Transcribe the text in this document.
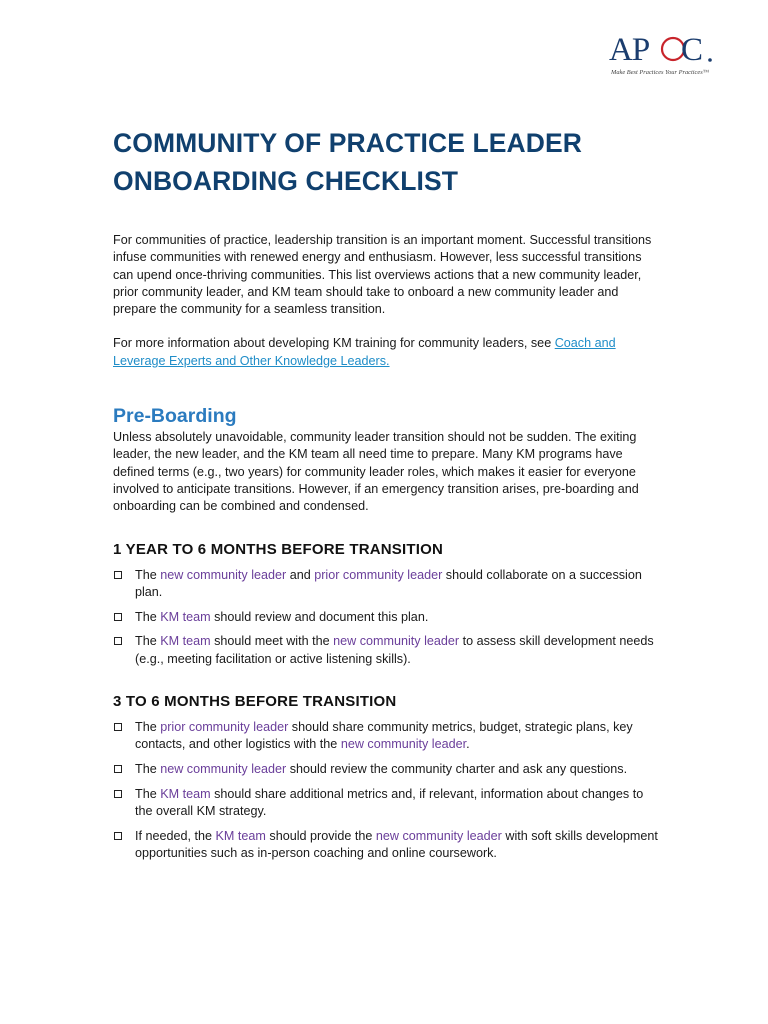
AP C
Make Best Practices Your Practices™
COMMUNITY OF PRACTICE LEADER
ONBOARDING CHECKLIST

For communities of practice, leadership transition is an important moment. Successful transitions infuse communities with renewed energy and enthusiasm. However, less successful transitions can upend once-thriving communities. This list overviews actions that a new community leader, prior community leader, and KM team should take to onboard a new community leader and prepare the community for a seamless transition.

For more information about developing KM training for community leaders, see Coach and Leverage Experts and Other Knowledge Leaders.

Pre-Boarding

Unless absolutely unavoidable, community leader transition should not be sudden. The exiting leader, the new leader, and the KM team all need time to prepare. Many KM programs have defined terms (e.g., two years) for community leader roles, which makes it easier for everyone involved to anticipate transitions. However, if an emergency transition arises, pre-boarding and onboarding can be combined and condensed.

1 YEAR TO 6 MONTHS BEFORE TRANSITION
The new community leader and prior community leader should collaborate on a succession plan.
The KM team should review and document this plan.
The KM team should meet with the new community leader to assess skill development needs (e.g., meeting facilitation or active listening skills).
3 TO 6 MONTHS BEFORE TRANSITION
The prior community leader should share community metrics, budget, strategic plans, key contacts, and other logistics with the new community leader.
The new community leader should review the community charter and ask any questions.
The KM team should share additional metrics and, if relevant, information about changes to the overall KM strategy.
If needed, the KM team should provide the new community leader with soft skills development opportunities such as in-person coaching and online coursework.
